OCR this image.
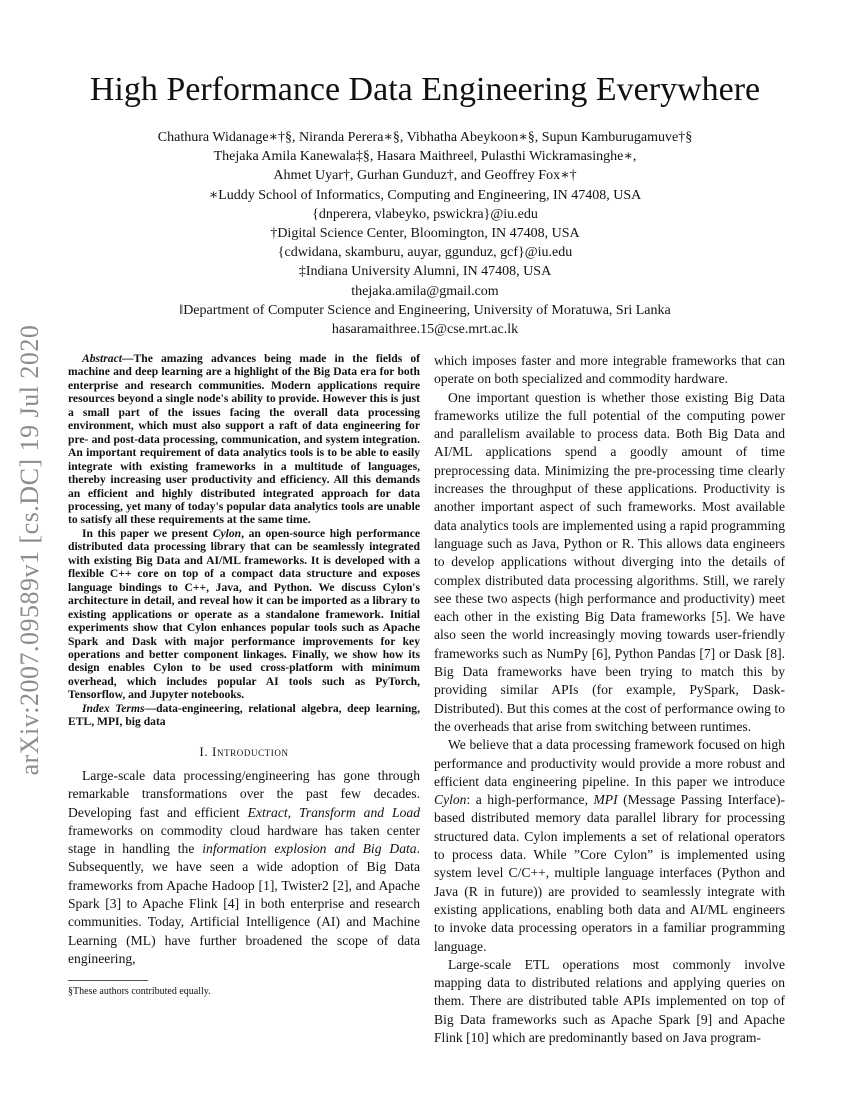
arXiv:2007.09589v1 [cs.DC] 19 Jul 2020
High Performance Data Engineering Everywhere
Chathura Widanage∗†§, Niranda Perera∗§, Vibhatha Abeykoon∗§, Supun Kamburugamuve†§
Thejaka Amila Kanewala‡§, Hasara Maithree‖, Pulasthi Wickramasinghe∗,
Ahmet Uyar†, Gurhan Gunduz†, and Geoffrey Fox∗†
∗Luddy School of Informatics, Computing and Engineering, IN 47408, USA
{dnperera, vlabeyko, pswickra}@iu.edu
†Digital Science Center, Bloomington, IN 47408, USA
{cdwidana, skamburu, auyar, ggunduz, gcf}@iu.edu
‡Indiana University Alumni, IN 47408, USA
thejaka.amila@gmail.com
‖Department of Computer Science and Engineering, University of Moratuwa, Sri Lanka
hasaramaithree.15@cse.mrt.ac.lk

Abstract—The amazing advances being made in the fields of machine and deep learning are a highlight of the Big Data era for both enterprise and research communities. Modern applications require resources beyond a single node's ability to provide. However this is just a small part of the issues facing the overall data processing environment, which must also support a raft of data engineering for pre- and post-data processing, communication, and system integration. An important requirement of data analytics tools is to be able to easily integrate with existing frameworks in a multitude of languages, thereby increasing user productivity and efficiency. All this demands an efficient and highly distributed integrated approach for data processing, yet many of today's popular data analytics tools are unable to satisfy all these requirements at the same time.

In this paper we present Cylon, an open-source high performance distributed data processing library that can be seamlessly integrated with existing Big Data and AI/ML frameworks. It is developed with a flexible C++ core on top of a compact data structure and exposes language bindings to C++, Java, and Python. We discuss Cylon's architecture in detail, and reveal how it can be imported as a library to existing applications or operate as a standalone framework. Initial experiments show that Cylon enhances popular tools such as Apache Spark and Dask with major performance improvements for key operations and better component linkages. Finally, we show how its design enables Cylon to be used cross-platform with minimum overhead, which includes popular AI tools such as PyTorch, Tensorflow, and Jupyter notebooks.

Index Terms—data-engineering, relational algebra, deep learning, ETL, MPI, big data

I. Introduction

Large-scale data processing/engineering has gone through remarkable transformations over the past few decades. Developing fast and efficient Extract, Transform and Load frameworks on commodity cloud hardware has taken center stage in handling the information explosion and Big Data. Subsequently, we have seen a wide adoption of Big Data frameworks from Apache Hadoop [1], Twister2 [2], and Apache Spark [3] to Apache Flink [4] in both enterprise and research communities. Today, Artificial Intelligence (AI) and Machine Learning (ML) have further broadened the scope of data engineering,

which imposes faster and more integrable frameworks that can operate on both specialized and commodity hardware.

One important question is whether those existing Big Data frameworks utilize the full potential of the computing power and parallelism available to process data. Both Big Data and AI/ML applications spend a goodly amount of time preprocessing data. Minimizing the pre-processing time clearly increases the throughput of these applications. Productivity is another important aspect of such frameworks. Most available data analytics tools are implemented using a rapid programming language such as Java, Python or R. This allows data engineers to develop applications without diverging into the details of complex distributed data processing algorithms. Still, we rarely see these two aspects (high performance and productivity) meet each other in the existing Big Data frameworks [5]. We have also seen the world increasingly moving towards user-friendly frameworks such as NumPy [6], Python Pandas [7] or Dask [8]. Big Data frameworks have been trying to match this by providing similar APIs (for example, PySpark, Dask-Distributed). But this comes at the cost of performance owing to the overheads that arise from switching between runtimes.

We believe that a data processing framework focused on high performance and productivity would provide a more robust and efficient data engineering pipeline. In this paper we introduce Cylon: a high-performance, MPI (Message Passing Interface)-based distributed memory data parallel library for processing structured data. Cylon implements a set of relational operators to process data. While ”Core Cylon” is implemented using system level C/C++, multiple language interfaces (Python and Java (R in future)) are provided to seamlessly integrate with existing applications, enabling both data and AI/ML engineers to invoke data processing operators in a familiar programming language.

Large-scale ETL operations most commonly involve mapping data to distributed relations and applying queries on them. There are distributed table APIs implemented on top of Big Data frameworks such as Apache Spark [9] and Apache Flink [10] which are predominantly based on Java program-

§These authors contributed equally.
